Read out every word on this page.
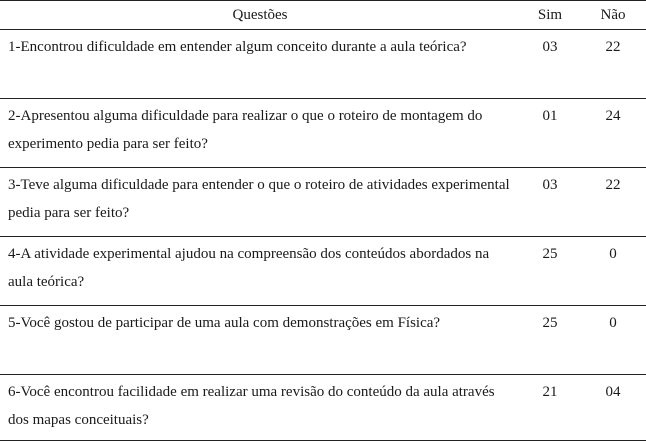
Questões	Sim	Não
1-Encontrou dificuldade em entender algum conceito durante a aula teórica?	03	22
2-Apresentou alguma dificuldade para realizar o que o roteiro de montagem do experimento pedia para ser feito?	01	24
3-Teve alguma dificuldade para entender o que o roteiro de atividades experimental pedia para ser feito?	03	22
4-A atividade experimental ajudou na compreensão dos conteúdos abordados na aula teórica?	25	0
5-Você gostou de participar de uma aula com demonstrações em Física?	25	0
6-Você encontrou facilidade em realizar uma revisão do conteúdo da aula através dos mapas conceituais?	21	04
